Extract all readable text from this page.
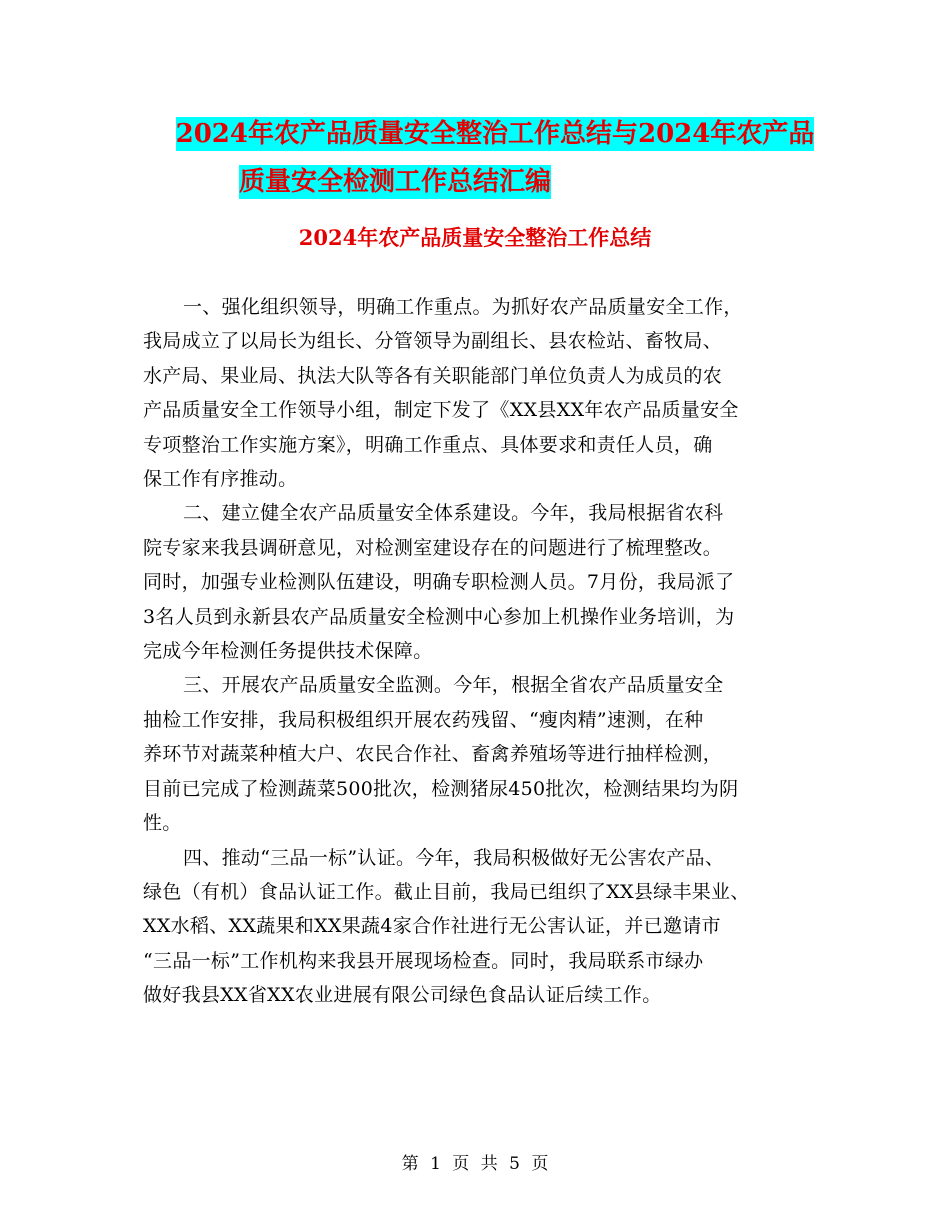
2024年农产品质量安全整治工作总结与2024年农产品
质量安全检测工作总结汇编
2024年农产品质量安全整治工作总结
一、强化组织领导，明确工作重点。为抓好农产品质量安全工作，
我局成立了以局长为组长、分管领导为副组长、县农检站、畜牧局、
水产局、果业局、执法大队等各有关职能部门单位负责人为成员的农
产品质量安全工作领导小组，制定下发了《XX县XX年农产品质量安全
专项整治工作实施方案》，明确工作重点、具体要求和责任人员，确
保工作有序推动。
二、建立健全农产品质量安全体系建设。今年，我局根据省农科
院专家来我县调研意见，对检测室建设存在的问题进行了梳理整改。
同时，加强专业检测队伍建设，明确专职检测人员。7月份，我局派了
3名人员到永新县农产品质量安全检测中心参加上机操作业务培训，为
完成今年检测任务提供技术保障。
三、开展农产品质量安全监测。今年，根据全省农产品质量安全
抽检工作安排，我局积极组织开展农药残留、“瘦肉精”速测，在种
养环节对蔬菜种植大户、农民合作社、畜禽养殖场等进行抽样检测，
目前已完成了检测蔬菜500批次，检测猪尿450批次，检测结果均为阴
性。
四、推动“三品一标”认证。今年，我局积极做好无公害农产品、
绿色（有机）食品认证工作。截止目前，我局已组织了XX县绿丰果业、
XX水稻、XX蔬果和XX果蔬4家合作社进行无公害认证，并已邀请市
“三品一标”工作机构来我县开展现场检查。同时，我局联系市绿办
做好我县XX省XX农业进展有限公司绿色食品认证后续工作。
第 1 页 共 5 页
